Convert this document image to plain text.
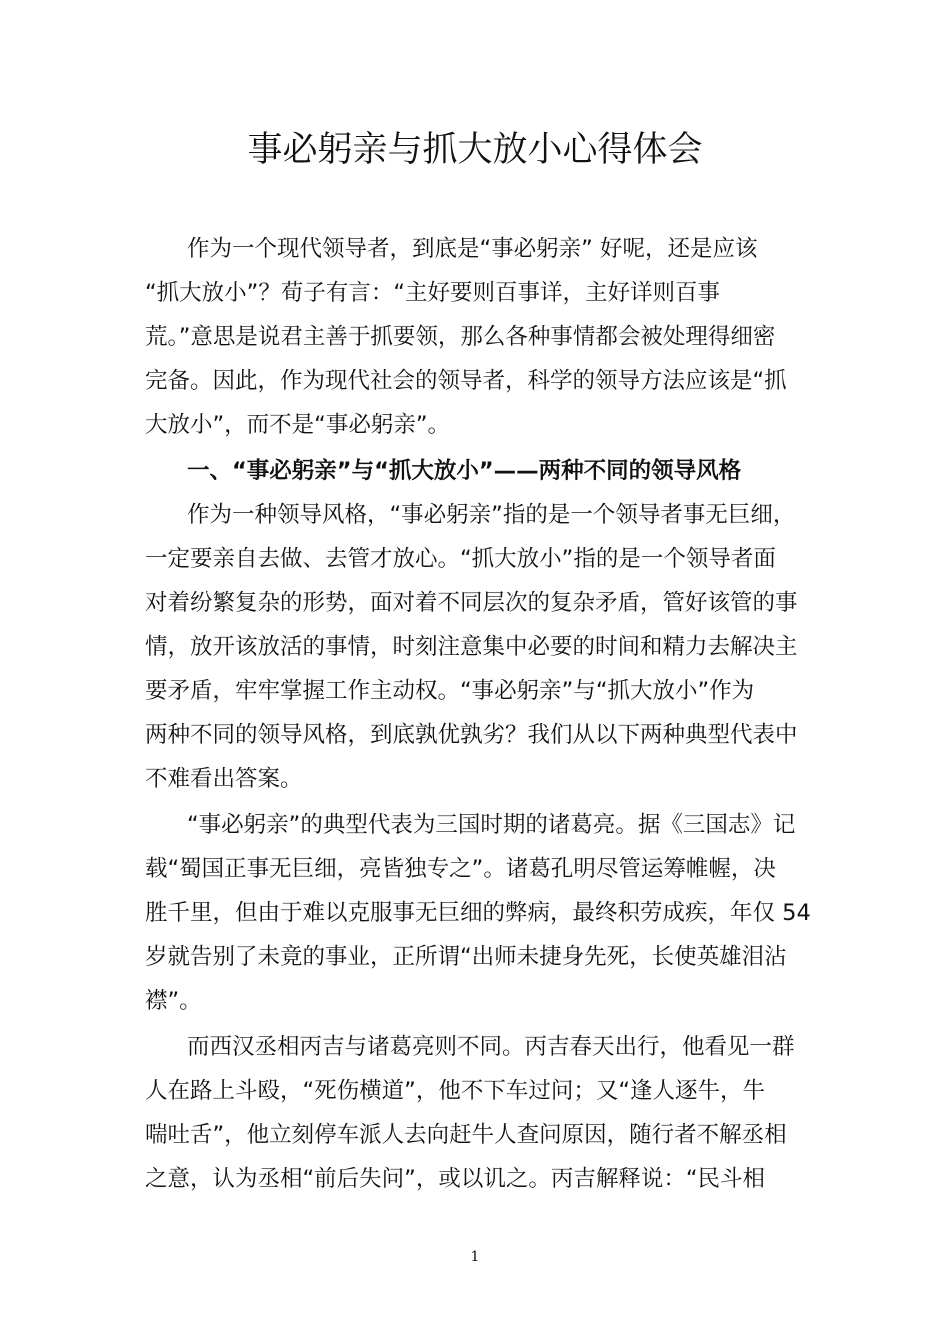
事必躬亲与抓大放小心得体会

作为一个现代领导者，到底是“事必躬亲” 好呢，还是应该

“抓大放小”？荀子有言：“主好要则百事详，主好详则百事

荒。”意思是说君主善于抓要领，那么各种事情都会被处理得细密

完备。因此，作为现代社会的领导者，科学的领导方法应该是“抓

大放小”，而不是“事必躬亲”。

一、“事必躬亲”与“抓大放小”——两种不同的领导风格

作为一种领导风格，“事必躬亲”指的是一个领导者事无巨细，

一定要亲自去做、去管才放心。“抓大放小”指的是一个领导者面

对着纷繁复杂的形势，面对着不同层次的复杂矛盾，管好该管的事

情，放开该放活的事情，时刻注意集中必要的时间和精力去解决主

要矛盾，牢牢掌握工作主动权。“事必躬亲”与“抓大放小”作为

两种不同的领导风格，到底孰优孰劣？我们从以下两种典型代表中

不难看出答案。

“事必躬亲”的典型代表为三国时期的诸葛亮。据《三国志》记

载“蜀国正事无巨细，亮皆独专之”。诸葛孔明尽管运筹帷幄，决

胜千里，但由于难以克服事无巨细的弊病，最终积劳成疾，年仅 54

岁就告别了未竟的事业，正所谓“出师未捷身先死，长使英雄泪沾

襟”。

而西汉丞相丙吉与诸葛亮则不同。丙吉春天出行，他看见一群

人在路上斗殴，“死伤横道”，他不下车过问；又“逢人逐牛，牛

喘吐舌”，他立刻停车派人去向赶牛人查问原因，随行者不解丞相

之意，认为丞相“前后失问”，或以讥之。丙吉解释说：“民斗相

1
